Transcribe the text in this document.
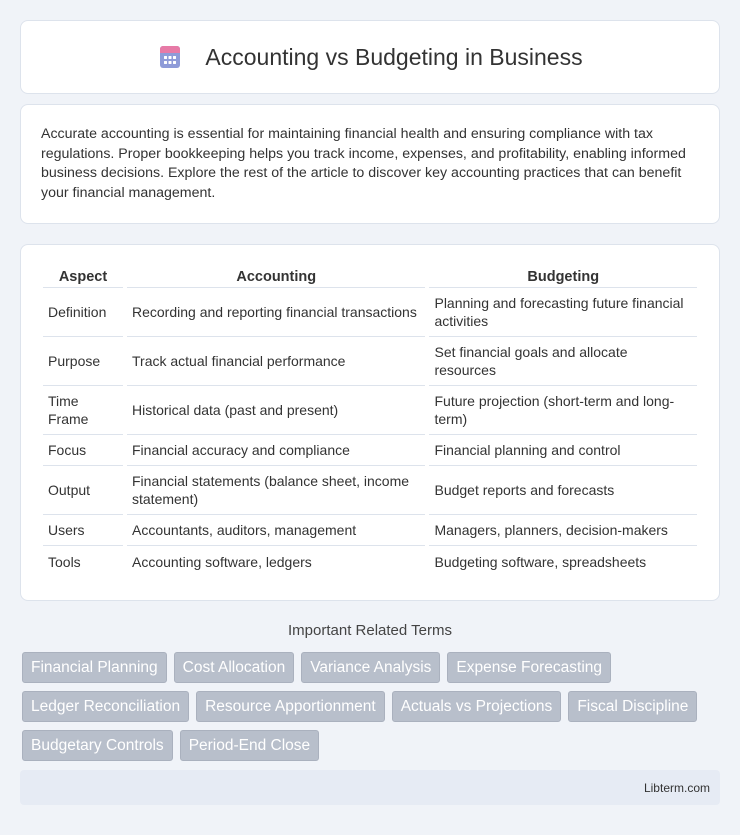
Accounting vs Budgeting in Business

Accurate accounting is essential for maintaining financial health and ensuring compliance with tax regulations. Proper bookkeeping helps you track income, expenses, and profitability, enabling informed business decisions. Explore the rest of the article to discover key accounting practices that can benefit your financial management.

Aspect	Accounting	Budgeting
Definition	Recording and reporting financial transactions	Planning and forecasting future financial activities
Purpose	Track actual financial performance	Set financial goals and allocate resources
Time Frame	Historical data (past and present)	Future projection (short-term and long-term)
Focus	Financial accuracy and compliance	Financial planning and control
Output	Financial statements (balance sheet, income statement)	Budget reports and forecasts
Users	Accountants, auditors, management	Managers, planners, decision-makers
Tools	Accounting software, ledgers	Budgeting software, spreadsheets
Important Related Terms
Financial Planning	Cost Allocation	Variance Analysis	Expense Forecasting
Ledger Reconciliation	Resource Apportionment	Actuals vs Projections	Fiscal Discipline
Budgetary Controls	Period-End Close
Libterm.com
